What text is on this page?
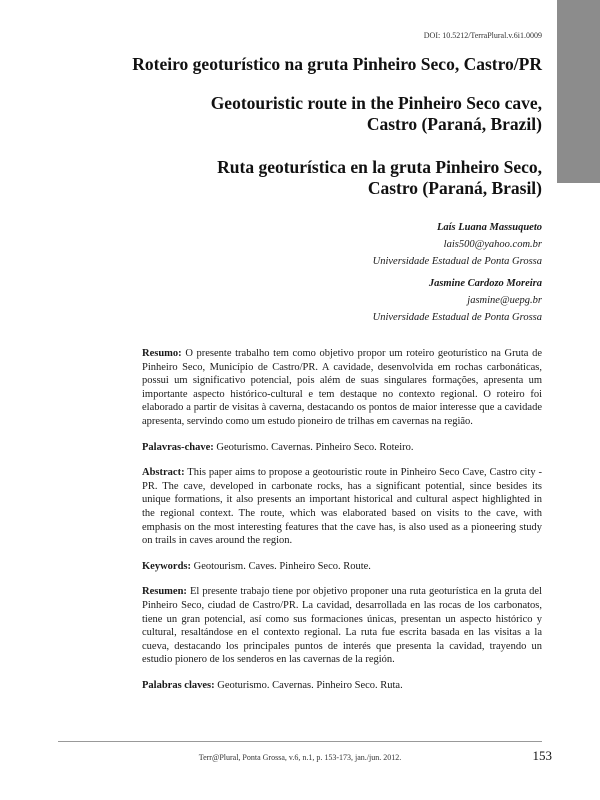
DOI: 10.5212/TerraPlural.v.6i1.0009
Roteiro geoturístico na gruta Pinheiro Seco, Castro/PR
Geotouristic route in the Pinheiro Seco cave,
Castro (Paraná, Brazil)
Ruta geoturística en la gruta Pinheiro Seco,
Castro (Paraná, Brasil)
Laís Luana Massuqueto
lais500@yahoo.com.br
Universidade Estadual de Ponta Grossa
Jasmine Cardozo Moreira
jasmine@uepg.br
Universidade Estadual de Ponta Grossa

Resumo: O presente trabalho tem como objetivo propor um roteiro geoturístico na Gruta de Pinheiro Seco, Município de Castro/PR. A cavidade, desenvolvida em rochas carbonáticas, possui um significativo potencial, pois além de suas singulares formações, apresenta um importante aspecto histórico-cultural e tem destaque no contexto regional. O roteiro foi elaborado a partir de visitas à caverna, destacando os pontos de maior interesse que a cavidade apresenta, servindo como um estudo pioneiro de trilhas em cavernas na região.

Palavras-chave: Geoturismo. Cavernas. Pinheiro Seco. Roteiro.

Abstract: This paper aims to propose a geotouristic route in Pinheiro Seco Cave, Castro city - PR. The cave, developed in carbonate rocks, has a significant potential, since besides its unique formations, it also presents an important historical and cultural aspect highlighted in the regional context. The route, which was elaborated based on visits to the cave, with emphasis on the most interesting features that the cave has, is also used as a pioneering study on trails in caves around the region.

Keywords: Geotourism. Caves. Pinheiro Seco. Route.

Resumen: El presente trabajo tiene por objetivo proponer una ruta geoturística en la gruta del Pinheiro Seco, ciudad de Castro/PR. La cavidad, desarrollada en las rocas de los carbonatos, tiene un gran potencial, así como sus formaciones únicas, presentan un aspecto histórico y cultural, resaltándose en el contexto regional. La ruta fue escrita basada en las visitas a la cueva, destacando los principales puntos de interés que presenta la cavidad, trayendo un estudio pionero de los senderos en las cavernas de la región.

Palabras claves: Geoturismo. Cavernas. Pinheiro Seco. Ruta.

Terr@Plural, Ponta Grossa, v.6, n.1, p. 153-173, jan./jun. 2012.	153
